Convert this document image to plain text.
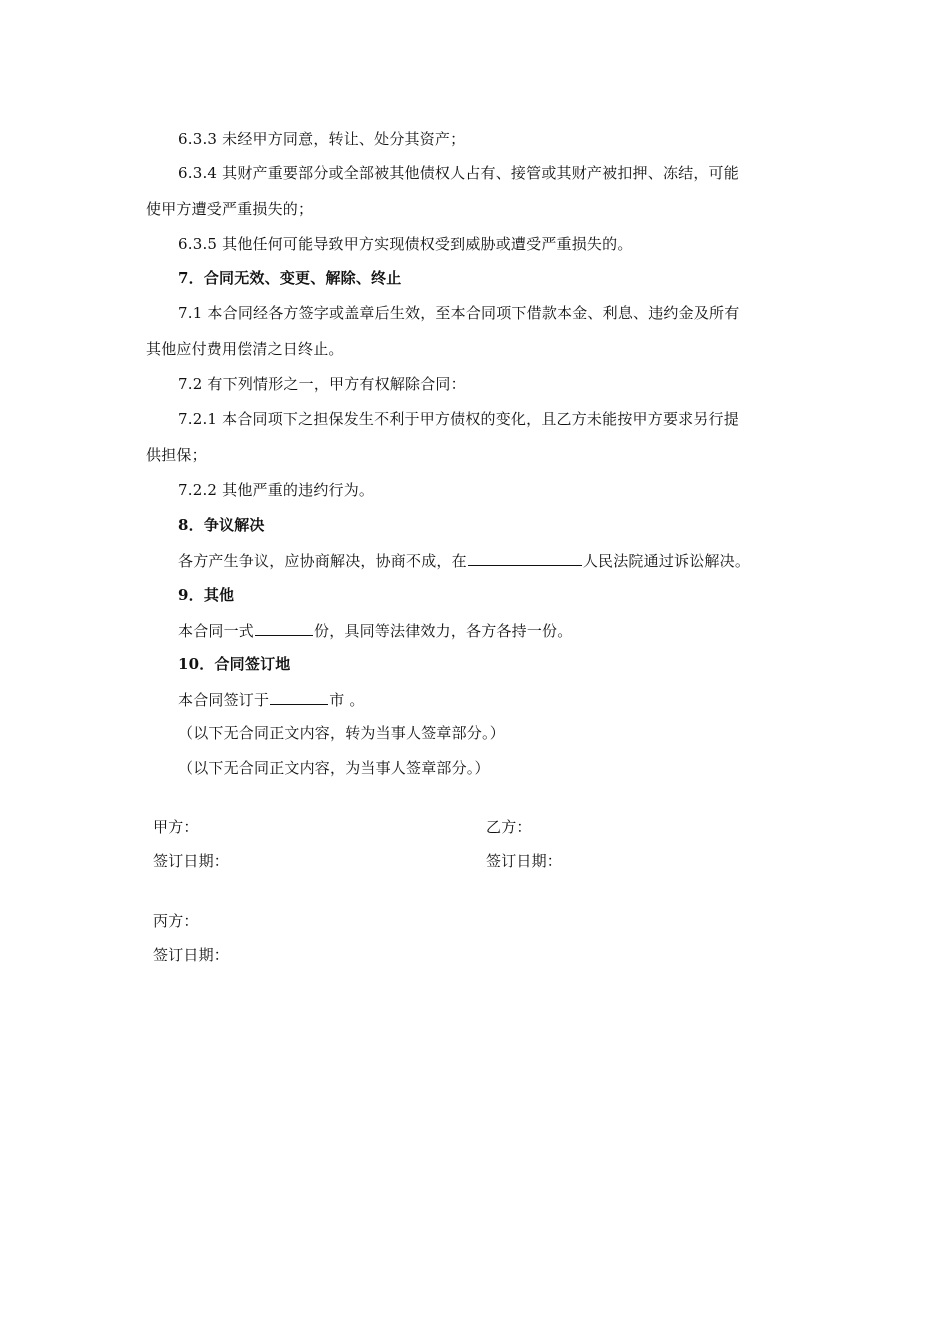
6.3.3 未经甲方同意，转让、处分其资产；
6.3.4 其财产重要部分或全部被其他债权人占有、接管或其财产被扣押、冻结，可能
使甲方遭受严重损失的；
6.3.5 其他任何可能导致甲方实现债权受到威胁或遭受严重损失的。
7．合同无效、变更、解除、终止
7.1 本合同经各方签字或盖章后生效，至本合同项下借款本金、利息、违约金及所有
其他应付费用偿清之日终止。
7.2 有下列情形之一，甲方有权解除合同：
7.2.1 本合同项下之担保发生不利于甲方债权的变化，且乙方未能按甲方要求另行提
供担保；
7.2.2 其他严重的违约行为。
8．争议解决
各方产生争议，应协商解决，协商不成，在	人民法院通过诉讼解决。
9．其他
本合同一式	份，具同等法律效力，各方各持一份。
10．合同签订地
本合同签订于	市 。
（以下无合同正文内容，转为当事人签章部分。）
（以下无合同正文内容，为当事人签章部分。）
甲方：	乙方：
签订日期：	签订日期：
丙方：
签订日期：
